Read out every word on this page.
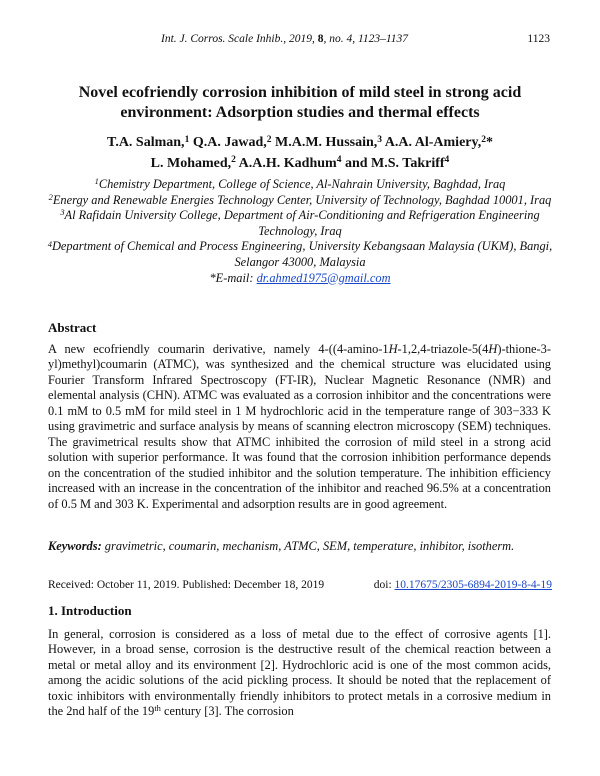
Int. J. Corros. Scale Inhib., 2019, 8, no. 4, 1123–1137	1123
Novel ecofriendly corrosion inhibition of mild steel in strong acid
environment: Adsorption studies and thermal effects
T.A. Salman,$^1$ Q.A. Jawad,$^2$ M.A.M. Hussain,$^3$ A.A. Al-Amiery,$^2$*
L. Mohamed,$^2$ A.A.H. Kadhum$^4$ and M.S. Takriff$^4$

$^1$Chemistry Department, College of Science, Al-Nahrain University, Baghdad, Iraq

$^2$Energy and Renewable Energies Technology Center, University of Technology, Baghdad 10001, Iraq

$^3$Al Rafidain University College, Department of Air-Conditioning and Refrigeration Engineering Technology, Iraq

$^4$Department of Chemical and Process Engineering, University Kebangsaan Malaysia (UKM), Bangi, Selangor 43000, Malaysia

*E-mail: dr.ahmed1975@gmail.com

Abstract
A new ecofriendly coumarin derivative, namely 4-((4-amino-1H-1,2,4-triazole-5(4H)-thione-3-yl)methyl)coumarin (ATMC), was synthesized and the chemical structure was elucidated using Fourier Transform Infrared Spectroscopy (FT-IR), Nuclear Magnetic Resonance (NMR) and elemental analysis (CHN). ATMC was evaluated as a corrosion inhibitor and the concentrations were 0.1 mM to 0.5 mM for mild steel in 1 M hydrochloric acid in the temperature range of 303−333 K using gravimetric and surface analysis by means of scanning electron microscopy (SEM) techniques. The gravimetrical results show that ATMC inhibited the corrosion of mild steel in a strong acid solution with superior performance. It was found that the corrosion inhibition performance depends on the concentration of the studied inhibitor and the solution temperature. The inhibition efficiency increased with an increase in the concentration of the inhibitor and reached 96.5% at a concentration of 0.5 M and 303 K. Experimental and adsorption results are in good agreement.
Keywords: gravimetric, coumarin, mechanism, ATMC, SEM, temperature, inhibitor, isotherm.
Received: October 11, 2019. Published: December 18, 2019	doi: 10.17675/2305-6894-2019-8-4-19
1. Introduction
In general, corrosion is considered as a loss of metal due to the effect of corrosive agents [1]. However, in a broad sense, corrosion is the destructive result of the chemical reaction between a metal or metal alloy and its environment [2]. Hydrochloric acid is one of the most common acids, among the acidic solutions of the acid pickling process. It should be noted that the replacement of toxic inhibitors with environmentally friendly inhibitors to protect metals in a corrosive medium in the 2nd half of the 19th century [3]. The corrosion
